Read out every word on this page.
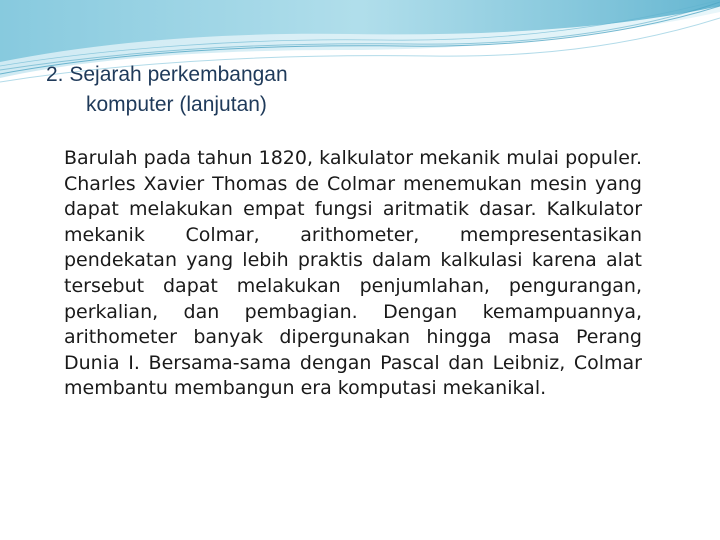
2. Sejarah perkembangan
komputer (lanjutan)

Barulah pada tahun 1820, kalkulator mekanik mulai populer. Charles Xavier Thomas de Colmar menemukan mesin yang dapat melakukan empat fungsi aritmatik dasar. Kalkulator mekanik Colmar, arithometer, mempresentasikan pendekatan yang lebih praktis dalam kalkulasi karena alat tersebut dapat melakukan penjumlahan, pengurangan, perkalian, dan pembagian. Dengan kemampuannya, arithometer banyak dipergunakan hingga masa Perang Dunia I. Bersama-sama dengan Pascal dan Leibniz, Colmar membantu membangun era komputasi mekanikal.
